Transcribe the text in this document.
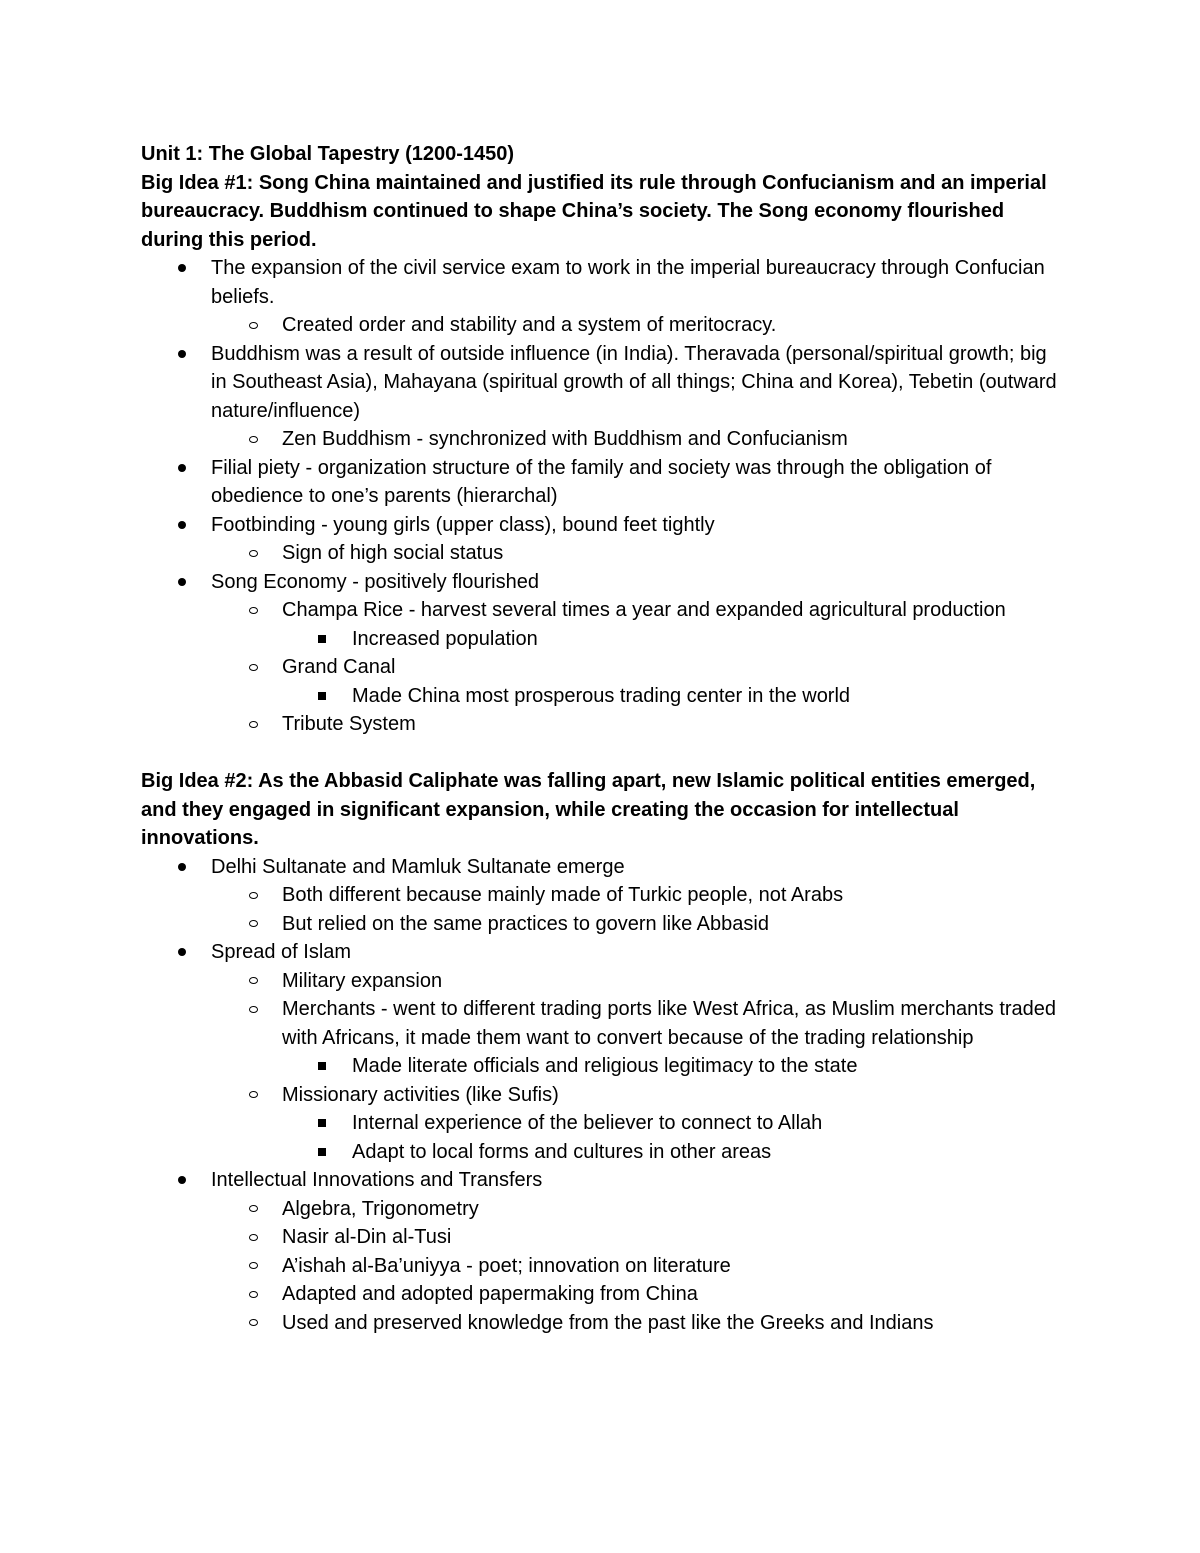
Unit 1: The Global Tapestry (1200-1450)

Big Idea #1: Song China maintained and justified its rule through Confucianism and an imperial bureaucracy. Buddhism continued to shape China’s society. The Song economy flourished during this period.

The expansion of the civil service exam to work in the imperial bureaucracy through Confucian beliefs.
Created order and stability and a system of meritocracy.
Buddhism was a result of outside influence (in India). Theravada (personal/spiritual growth; big in Southeast Asia), Mahayana (spiritual growth of all things; China and Korea), Tebetin (outward nature/influence)
Zen Buddhism - synchronized with Buddhism and Confucianism
Filial piety - organization structure of the family and society was through the obligation of obedience to one’s parents (hierarchal)
Footbinding - young girls (upper class), bound feet tightly
Sign of high social status
Song Economy - positively flourished
Champa Rice - harvest several times a year and expanded agricultural production
Increased population
Grand Canal
Made China most prosperous trading center in the world
Tribute System

Big Idea #2: As the Abbasid Caliphate was falling apart, new Islamic political entities emerged, and they engaged in significant expansion, while creating the occasion for intellectual innovations.

Delhi Sultanate and Mamluk Sultanate emerge
Both different because mainly made of Turkic people, not Arabs
But relied on the same practices to govern like Abbasid
Spread of Islam
Military expansion
Merchants - went to different trading ports like West Africa, as Muslim merchants traded with Africans, it made them want to convert because of the trading relationship
Made literate officials and religious legitimacy to the state
Missionary activities (like Sufis)
Internal experience of the believer to connect to Allah
Adapt to local forms and cultures in other areas
Intellectual Innovations and Transfers
Algebra, Trigonometry
Nasir al-Din al-Tusi
A’ishah al-Ba’uniyya - poet; innovation on literature
Adapted and adopted papermaking from China
Used and preserved knowledge from the past like the Greeks and Indians
